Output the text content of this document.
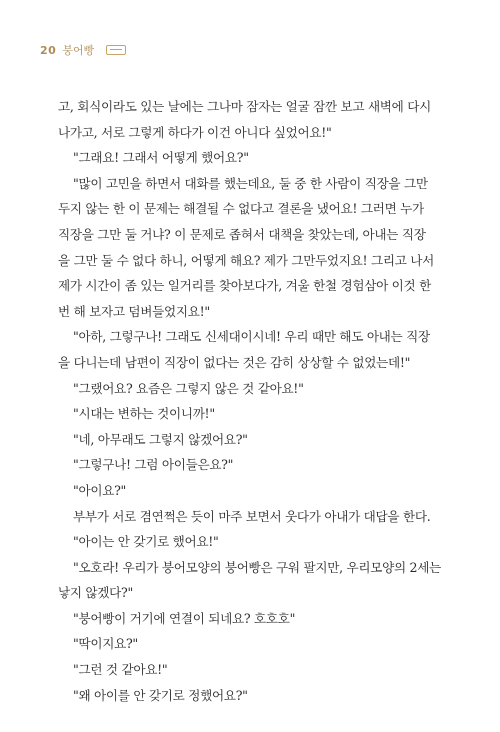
20 붕어빵
고, 회식이라도 있는 날에는 그나마 잠자는 얼굴 잠깐 보고 새벽에 다시
나가고, 서로 그렇게 하다가 이건 아니다 싶었어요!"
"그래요! 그래서 어떻게 했어요?"
"많이 고민을 하면서 대화를 했는데요, 둘 중 한 사람이 직장을 그만
두지 않는 한 이 문제는 해결될 수 없다고 결론을 냈어요! 그러면 누가
직장을 그만 둘 거냐? 이 문제로 좁혀서 대책을 찾았는데, 아내는 직장
을 그만 둘 수 없다 하니, 어떻게 해요? 제가 그만두었지요! 그리고 나서
제가 시간이 좀 있는 일거리를 찾아보다가, 겨울 한철 경험삼아 이것 한
번 해 보자고 덤벼들었지요!"
"아하, 그렇구나! 그래도 신세대이시네! 우리 때만 해도 아내는 직장
을 다니는데 남편이 직장이 없다는 것은 감히 상상할 수 없었는데!"
"그랬어요? 요즘은 그렇지 않은 것 같아요!"
"시대는 변하는 것이니까!"
"네, 아무래도 그렇지 않겠어요?"
"그렇구나! 그럼 아이들은요?"
"아이요?"
부부가 서로 겸연쩍은 듯이 마주 보면서 웃다가 아내가 대답을 한다.
"아이는 안 갖기로 했어요!"
"오호라! 우리가 붕어모양의 붕어빵은 구워 팔지만, 우리모양의 2세는
낳지 않겠다?"
"붕어빵이 거기에 연결이 되네요? 호호호"
"딱이지요?"
"그런 것 같아요!"
"왜 아이를 안 갖기로 정했어요?"
